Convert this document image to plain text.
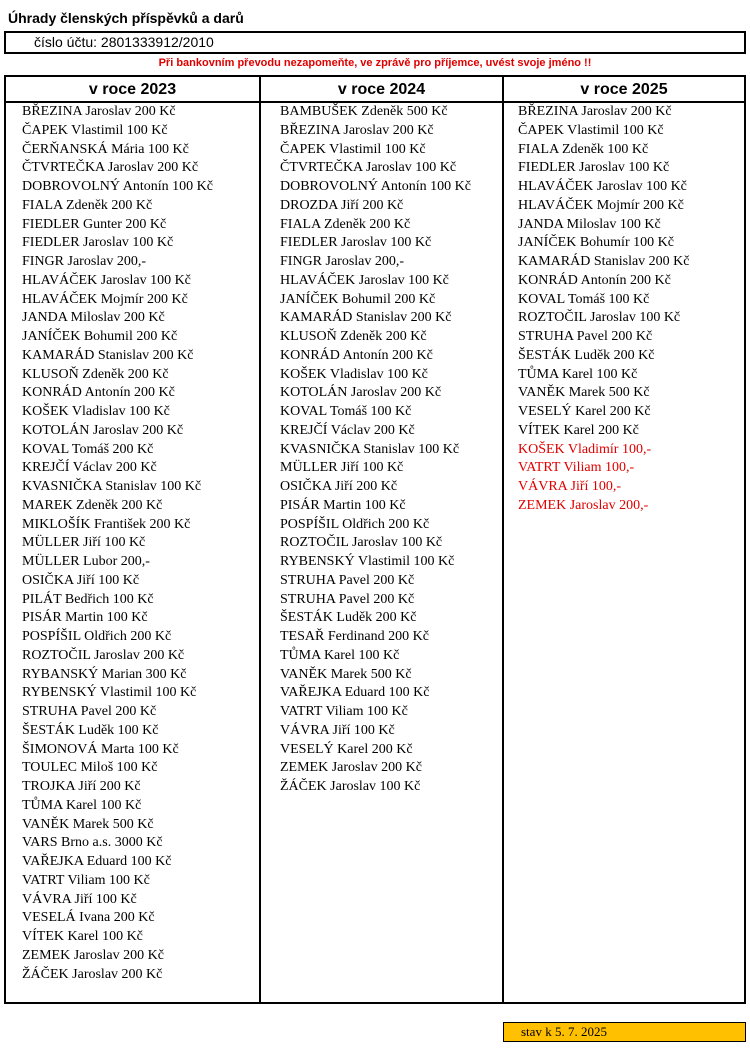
Úhrady členských příspěvků a darů
číslo účtu: 2801333912/2010
Při bankovním převodu nezapomeňte, ve zprávě pro příjemce, uvést svoje jméno !!
v roce 2023
BŘEZINA Jaroslav 200 Kč
ČAPEK Vlastimil 100 Kč
ČERŇANSKÁ Mária 100 Kč
ČTVRTEČKA Jaroslav 200 Kč
DOBROVOLNÝ Antonín 100 Kč
FIALA Zdeněk 200 Kč
FIEDLER Gunter 200 Kč
FIEDLER Jaroslav 100 Kč
FINGR Jaroslav 200,-
HLAVÁČEK Jaroslav 100 Kč
HLAVÁČEK Mojmír 200 Kč
JANDA Miloslav 200 Kč
JANÍČEK Bohumil 200 Kč
KAMARÁD Stanislav 200 Kč
KLUSOŇ Zdeněk 200 Kč
KONRÁD Antonín 200 Kč
KOŠEK Vladislav 100 Kč
KOTOLÁN Jaroslav 200 Kč
KOVAL Tomáš 200 Kč
KREJČÍ Václav 200 Kč
KVASNIČKA Stanislav 100 Kč
MAREK Zdeněk 200 Kč
MIKLOŠÍK František 200 Kč
MÜLLER Jiří 100 Kč
MÜLLER Lubor 200,-
OSIČKA Jiří 100 Kč
PILÁT Bedřich 100 Kč
PISÁR Martin 100 Kč
POSPÍŠIL Oldřich 200 Kč
ROZTOČIL Jaroslav 200 Kč
RYBANSKÝ Marian 300 Kč
RYBENSKÝ Vlastimil 100 Kč
STRUHA Pavel 200 Kč
ŠESTÁK Luděk 100 Kč
ŠIMONOVÁ Marta 100 Kč
TOULEC Miloš 100 Kč
TROJKA Jiří 200 Kč
TŮMA Karel 100 Kč
VANĚK Marek 500 Kč
VARS Brno a.s. 3000 Kč
VAŘEJKA Eduard 100 Kč
VATRT Viliam 100 Kč
VÁVRA Jiří 100 Kč
VESELÁ Ivana 200 Kč
VÍTEK Karel 100 Kč
ZEMEK Jaroslav 200 Kč
ŽÁČEK Jaroslav 200 Kč
v roce 2024
BAMBUŠEK Zdeněk 500 Kč
BŘEZINA Jaroslav 200 Kč
ČAPEK Vlastimil 100 Kč
ČTVRTEČKA Jaroslav 100 Kč
DOBROVOLNÝ Antonín 100 Kč
DROZDA Jiří 200 Kč
FIALA Zdeněk 200 Kč
FIEDLER Jaroslav 100 Kč
FINGR Jaroslav 200,-
HLAVÁČEK Jaroslav 100 Kč
JANÍČEK Bohumil 200 Kč
KAMARÁD Stanislav 200 Kč
KLUSOŇ Zdeněk 200 Kč
KONRÁD Antonín 200 Kč
KOŠEK Vladislav 100 Kč
KOTOLÁN Jaroslav 200 Kč
KOVAL Tomáš 100 Kč
KREJČÍ Václav 200 Kč
KVASNIČKA Stanislav 100 Kč
MÜLLER Jiří 100 Kč
OSIČKA Jiří 200 Kč
PISÁR Martin 100 Kč
POSPÍŠIL Oldřich 200 Kč
ROZTOČIL Jaroslav 100 Kč
RYBENSKÝ Vlastimil 100 Kč
STRUHA Pavel 200 Kč
STRUHA Pavel 200 Kč
ŠESTÁK Luděk 200 Kč
TESAŘ Ferdinand 200 Kč
TŮMA Karel 100 Kč
VANĚK Marek 500 Kč
VAŘEJKA Eduard 100 Kč
VATRT Viliam 100 Kč
VÁVRA Jiří 100 Kč
VESELÝ Karel 200 Kč
ZEMEK Jaroslav 200 Kč
ŽÁČEK Jaroslav 100 Kč
v roce 2025
BŘEZINA Jaroslav 200 Kč
ČAPEK Vlastimil 100 Kč
FIALA Zdeněk 100 Kč
FIEDLER Jaroslav 100 Kč
HLAVÁČEK Jaroslav 100 Kč
HLAVÁČEK Mojmír 200 Kč
JANDA Miloslav 100 Kč
JANÍČEK Bohumír 100 Kč
KAMARÁD Stanislav 200 Kč
KONRÁD Antonín 200 Kč
KOVAL Tomáš 100 Kč
ROZTOČIL Jaroslav 100 Kč
STRUHA Pavel 200 Kč
ŠESTÁK Luděk 200 Kč
TŮMA Karel 100 Kč
VANĚK Marek 500 Kč
VESELÝ Karel 200 Kč
VÍTEK Karel 200 Kč
KOŠEK Vladimír 100,-
VATRT Viliam 100,-
VÁVRA Jiří 100,-
ZEMEK Jaroslav 200,-
stav k 5. 7. 2025
